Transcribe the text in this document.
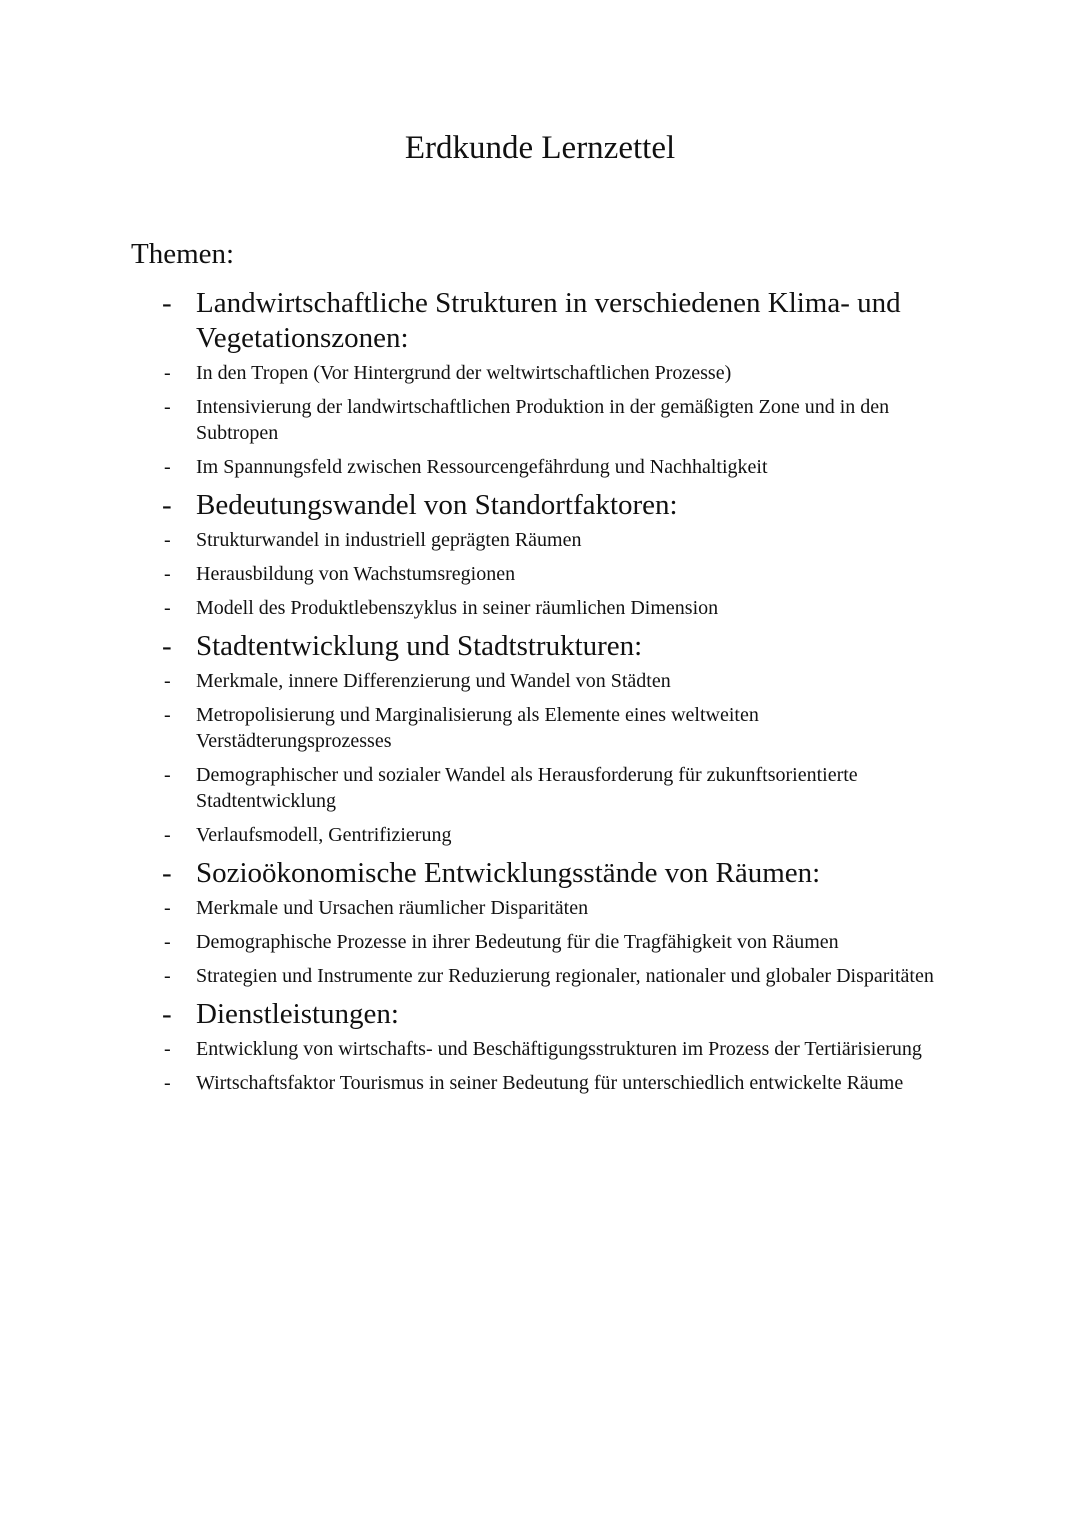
Erdkunde Lernzettel
Themen:
- Landwirtschaftliche Strukturen in verschiedenen Klima- und Vegetationszonen:
- In den Tropen (Vor Hintergrund der weltwirtschaftlichen Prozesse)
- Intensivierung der landwirtschaftlichen Produktion in der gemäßigten Zone und in den Subtropen
- Im Spannungsfeld zwischen Ressourcengefährdung und Nachhaltigkeit
- Bedeutungswandel von Standortfaktoren:
- Strukturwandel in industriell geprägten Räumen
- Herausbildung von Wachstumsregionen
- Modell des Produktlebenszyklus in seiner räumlichen Dimension
- Stadtentwicklung und Stadtstrukturen:
- Merkmale, innere Differenzierung und Wandel von Städten
- Metropolisierung und Marginalisierung als Elemente eines weltweiten Verstädterungsprozesses
- Demographischer und sozialer Wandel als Herausforderung für zukunftsorientierte Stadtentwicklung
- Verlaufsmodell, Gentrifizierung
- Sozioökonomische Entwicklungsstände von Räumen:
- Merkmale und Ursachen räumlicher Disparitäten
- Demographische Prozesse in ihrer Bedeutung für die Tragfähigkeit von Räumen
- Strategien und Instrumente zur Reduzierung regionaler, nationaler und globaler Disparitäten
- Dienstleistungen:
- Entwicklung von wirtschafts- und Beschäftigungsstrukturen im Prozess der Tertiärisierung
- Wirtschaftsfaktor Tourismus in seiner Bedeutung für unterschiedlich entwickelte Räume
